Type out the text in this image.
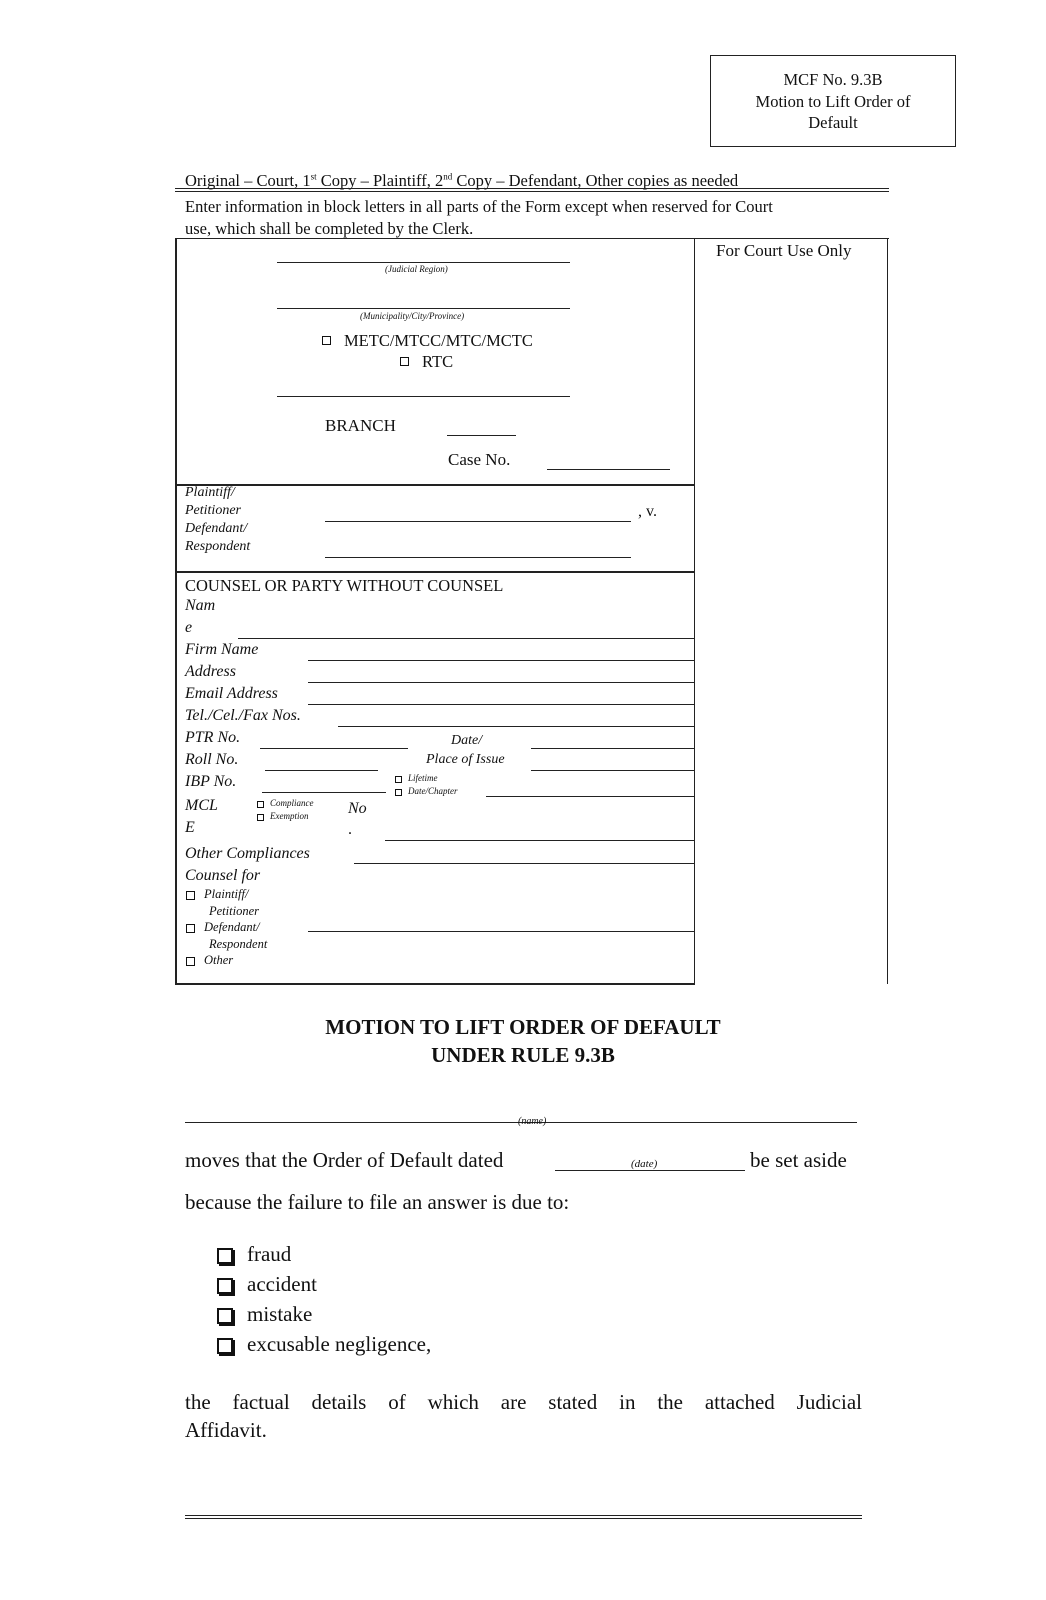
MCF No. 9.3B
Motion to Lift Order of
Default
Original – Court, 1st Copy – Plaintiff, 2nd Copy – Defendant, Other copies as needed
Enter information in block letters in all parts of the Form except when reserved for Court
use, which shall be completed by the Clerk.
For Court Use Only
(Judicial Region)
(Municipality/City/Province)
METC/MTCC/MTC/MCTC
RTC
BRANCH
Case No.
Plaintiff/
Petitioner
Defendant/
Respondent
, v.
COUNSEL OR PARTY WITHOUT COUNSEL
Nam
e
Firm Name
Address
Email Address
Tel./Cel./Fax Nos.
PTR No.	Date/
Roll No.	Place of Issue
IBP No.	Lifetime
Date/Chapter
MCL
E
Compliance
Exemption No
.
Other Compliances
Counsel for
Plaintiff/
Petitioner
Defendant/
Respondent
Other
MOTION TO LIFT ORDER OF DEFAULT
UNDER RULE 9.3B
(name)
moves that the Order of Default dated	(date)	be set aside
because the failure to file an answer is due to:
fraud
accident
mistake
excusable negligence,
the factual details of which are stated in the attached Judicial
Affidavit.
